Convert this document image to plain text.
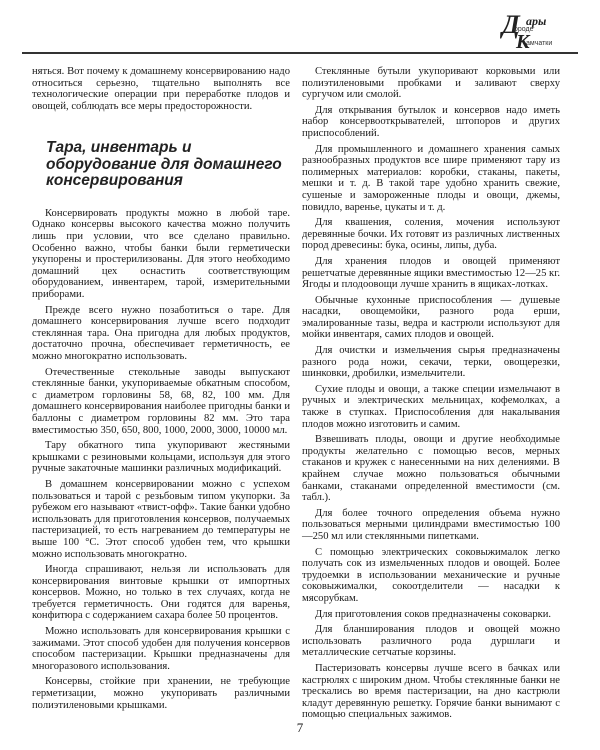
Д ары
ороде
К
амчатки

няться. Вот почему к домашнему консервированию надо относиться серьезно, тщательно выполнять все технологические операции при переработке плодов и овощей, соблюдать все меры предосторожности.

Тара, инвентарь и оборудование для домашнего консервирования

Консервировать продукты можно в любой таре. Однако консервы высокого качества можно получить лишь при условии, что все сделано правильно. Особенно важно, чтобы банки были герметически укупорены и простерилизованы. Для этого необходимо домашний цех оснастить соответствующим оборудованием, инвентарем, тарой, измерительными приборами.

Прежде всего нужно позаботиться о таре. Для домашнего консервирования лучше всего подходит стеклянная тара. Она пригодна для любых продуктов, достаточно прочна, обеспечивает герметичность, ее можно многократно использовать.

Отечественные стекольные заводы выпускают стеклянные банки, укупориваемые обкатным способом, с диаметром горловины 58, 68, 82, 100 мм. Для домашнего консервирования наиболее пригодны банки и баллоны с диаметром горловины 82 мм. Это тара вместимостью 350, 650, 800, 1000, 2000, 3000, 10000 мл.

Тару обкатного типа укупоривают жестяными крышками с резиновыми кольцами, используя для этого ручные закаточные машинки различных модификаций.

В домашнем консервировании можно с успехом пользоваться и тарой с резьбовым типом укупорки. За рубежом его называют «твист-офф». Такие банки удобно использовать для приготовления консервов, получаемых пастеризацией, то есть нагреванием до температуры не выше 100 °С. Этот способ удобен тем, что крышки можно использовать многократно.

Иногда спрашивают, нельзя ли использовать для консервирования винтовые крышки от импортных консервов. Можно, но только в тех случаях, когда не требуется герметичность. Они годятся для варенья, конфитюра с содержанием сахара более 50 процентов.

Можно использовать для консервирования крышки с зажимами. Этот способ удобен для получения консервов способом пастеризации. Крышки предназначены для многоразового использования.

Консервы, стойкие при хранении, не требующие герметизации, можно укупоривать различными полиэтиленовыми крышками.

Стеклянные бутыли укупоривают корковыми или полиэтиленовыми пробками и заливают сверху сургучом или смолой.

Для открывания бутылок и консервов надо иметь набор консервооткрывателей, штопоров и других приспособлений.

Для промышленного и домашнего хранения самых разнообразных продуктов все шире применяют тару из полимерных материалов: коробки, стаканы, пакеты, мешки и т. д. В такой таре удобно хранить свежие, сушеные и замороженные плоды и овощи, джемы, повидло, варенье, цукаты и т. д.

Для квашения, соления, мочения используют деревянные бочки. Их готовят из различных лиственных пород древесины: бука, осины, липы, дуба.

Для хранения плодов и овощей применяют решетчатые деревянные ящики вместимостью 12—25 кг. Ягоды и плодоовощи лучше хранить в ящиках-лотках.

Обычные кухонные приспособления — душевые насадки, овощемойки, разного рода ерши, эмалированные тазы, ведра и кастрюли используют для мойки инвентаря, самих плодов и овощей.

Для очистки и измельчения сырья предназначены разного рода ножи, секачи, терки, овощерезки, шинковки, дробилки, измельчители.

Сухие плоды и овощи, а также специи измельчают в ручных и электрических мельницах, кофемолках, а также в ступках. Приспособления для накалывания плодов можно изготовить и самим.

Взвешивать плоды, овощи и другие необходимые продукты желательно с помощью весов, мерных стаканов и кружек с нанесенными на них делениями. В крайнем случае можно пользоваться обычными банками, стаканами определенной вместимости (см. табл.).

Для более точного определения объема нужно пользоваться мерными цилиндрами вместимостью 100—250 мл или стеклянными пипетками.

С помощью электрических соковыжималок легко получать сок из измельченных плодов и овощей. Более трудоемки в использовании механические и ручные соковыжималки, сокоотделители — насадки к мясорубкам.

Для приготовления соков предназначены соковарки.

Для бланширования плодов и овощей можно использовать различного рода дуршлаги и металлические сетчатые корзины.

Пастеризовать консервы лучше всего в бачках или кастрюлях с широким дном. Чтобы стеклянные банки не трескались во время пастеризации, на дно кастрюли кладут деревянную решетку. Горячие банки вынимают с помощью специальных зажимов.

7
